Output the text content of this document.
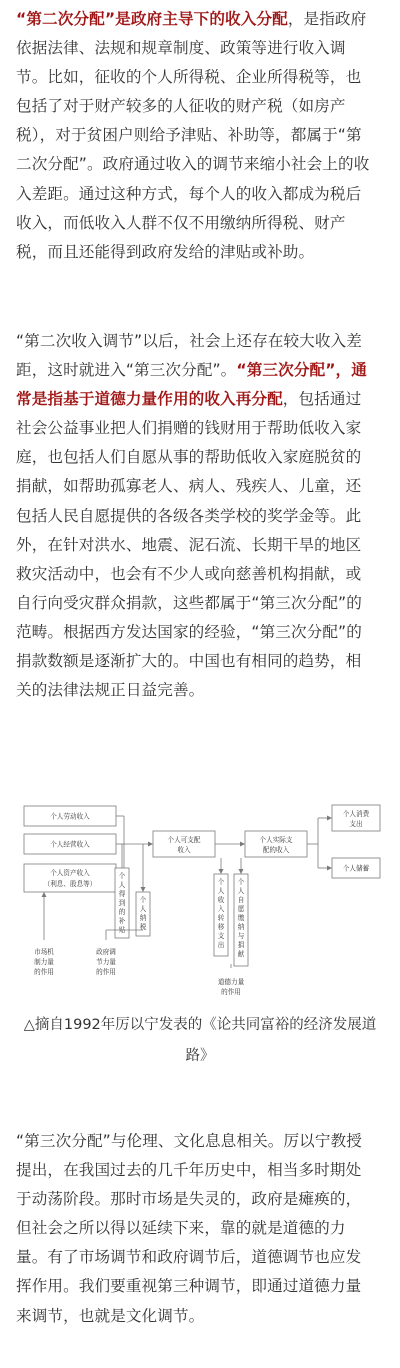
“第二次分配”是政府主导下的收入分配，是指政府
依据法律、法规和规章制度、政策等进行收入调
节。比如，征收的个人所得税、企业所得税等，也
包括了对于财产较多的人征收的财产税（如房产
税），对于贫困户则给予津贴、补助等，都属于“第
二次分配”。政府通过收入的调节来缩小社会上的收
入差距。通过这种方式，每个人的收入都成为税后
收入，而低收入人群不仅不用缴纳所得税、财产
税，而且还能得到政府发给的津贴或补助。
“第二次收入调节”以后，社会上还存在较大收入差
距，这时就进入“第三次分配”。“第三次分配”，通
常是指基于道德力量作用的收入再分配，包括通过
社会公益事业把人们捐赠的钱财用于帮助低收入家
庭，也包括人们自愿从事的帮助低收入家庭脱贫的
捐献，如帮助孤寡老人、病人、残疾人、儿童，还
包括人民自愿提供的各级各类学校的奖学金等。此
外，在针对洪水、地震、泥石流、长期干旱的地区
救灾活动中，也会有不少人或向慈善机构捐献，或
自行向受灾群众捐款，这些都属于“第三次分配”的
范畴。根据西方发达国家的经验，“第三次分配”的
捐款数额是逐渐扩大的。中国也有相同的趋势，相
关的法律法规正日益完善。
个人劳动收入
个人经营收入
个人资产收入
（利息、股息等）
个人可支配
收入
个人实际支
配的收入
个人消费
支出
个人储蓄
个
人
得
到
的
补
贴
个
人
纳
税
个
人
收
入
转
移
支
出
个
人
自
愿
缴
纳
与
捐
献
市场机
制力量
的作用
政府调
节力量
的作用
道德力量
的作用
△摘自1992年厉以宁发表的《论共同富裕的经济发展道
路》
“第三次分配”与伦理、文化息息相关。厉以宁教授
提出，在我国过去的几千年历史中，相当多时期处
于动荡阶段。那时市场是失灵的，政府是瘫痪的，
但社会之所以得以延续下来，靠的就是道德的力
量。有了市场调节和政府调节后，道德调节也应发
挥作用。我们要重视第三种调节，即通过道德力量
来调节，也就是文化调节。
